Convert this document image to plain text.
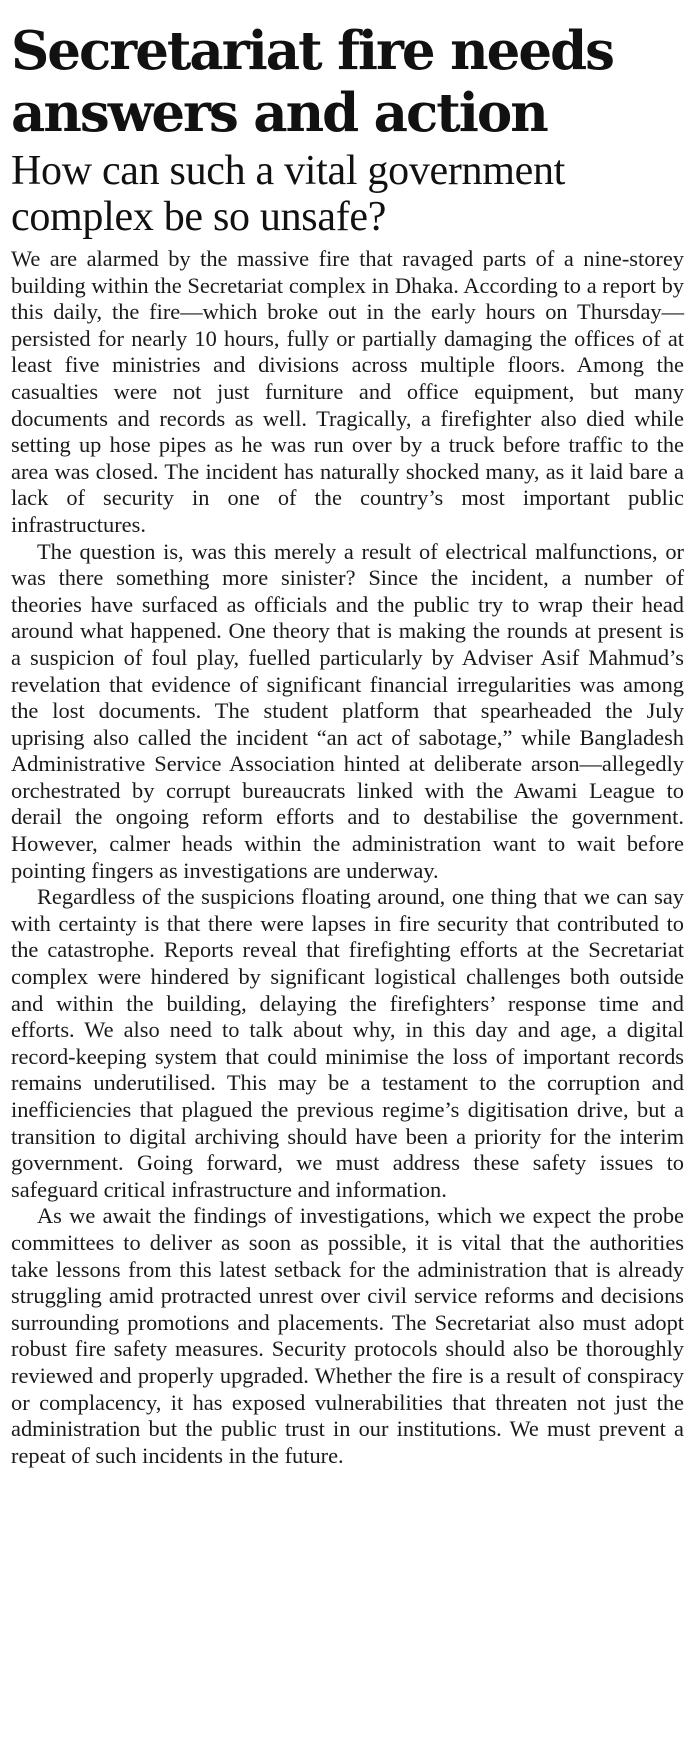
Secretariat fire needs answers and action
How can such a vital government complex be so unsafe?

We are alarmed by the massive fire that ravaged parts of a nine-storey building within the Secretariat complex in Dhaka. According to a report by this daily, the fire—which broke out in the early hours on Thursday—persisted for nearly 10 hours, fully or partially damaging the offices of at least five ministries and divisions across multiple floors. Among the casualties were not just furniture and office equipment, but many documents and records as well. Tragically, a firefighter also died while setting up hose pipes as he was run over by a truck before traffic to the area was closed. The incident has naturally shocked many, as it laid bare a lack of security in one of the country’s most important public infrastructures.

The question is, was this merely a result of electrical malfunctions, or was there something more sinister? Since the incident, a number of theories have surfaced as officials and the public try to wrap their head around what happened. One theory that is making the rounds at present is a suspicion of foul play, fuelled particularly by Adviser Asif Mahmud’s revelation that evidence of significant financial irregularities was among the lost documents. The student platform that spearheaded the July uprising also called the incident “an act of sabotage,” while Bangladesh Administrative Service Association hinted at deliberate arson—allegedly orchestrated by corrupt bureaucrats linked with the Awami League to derail the ongoing reform efforts and to destabilise the government. However, calmer heads within the administration want to wait before pointing fingers as investigations are underway.

Regardless of the suspicions floating around, one thing that we can say with certainty is that there were lapses in fire security that contributed to the catastrophe. Reports reveal that firefighting efforts at the Secretariat complex were hindered by significant logistical challenges both outside and within the building, delaying the firefighters’ response time and efforts. We also need to talk about why, in this day and age, a digital record-keeping system that could minimise the loss of important records remains underutilised. This may be a testament to the corruption and inefficiencies that plagued the previous regime’s digitisation drive, but a transition to digital archiving should have been a priority for the interim government. Going forward, we must address these safety issues to safeguard critical infrastructure and information.

As we await the findings of investigations, which we expect the probe committees to deliver as soon as possible, it is vital that the authorities take lessons from this latest setback for the administration that is already struggling amid protracted unrest over civil service reforms and decisions surrounding promotions and placements. The Secretariat also must adopt robust fire safety measures. Security protocols should also be thoroughly reviewed and properly upgraded. Whether the fire is a result of conspiracy or complacency, it has exposed vulnerabilities that threaten not just the administration but the public trust in our institutions. We must prevent a repeat of such incidents in the future.
